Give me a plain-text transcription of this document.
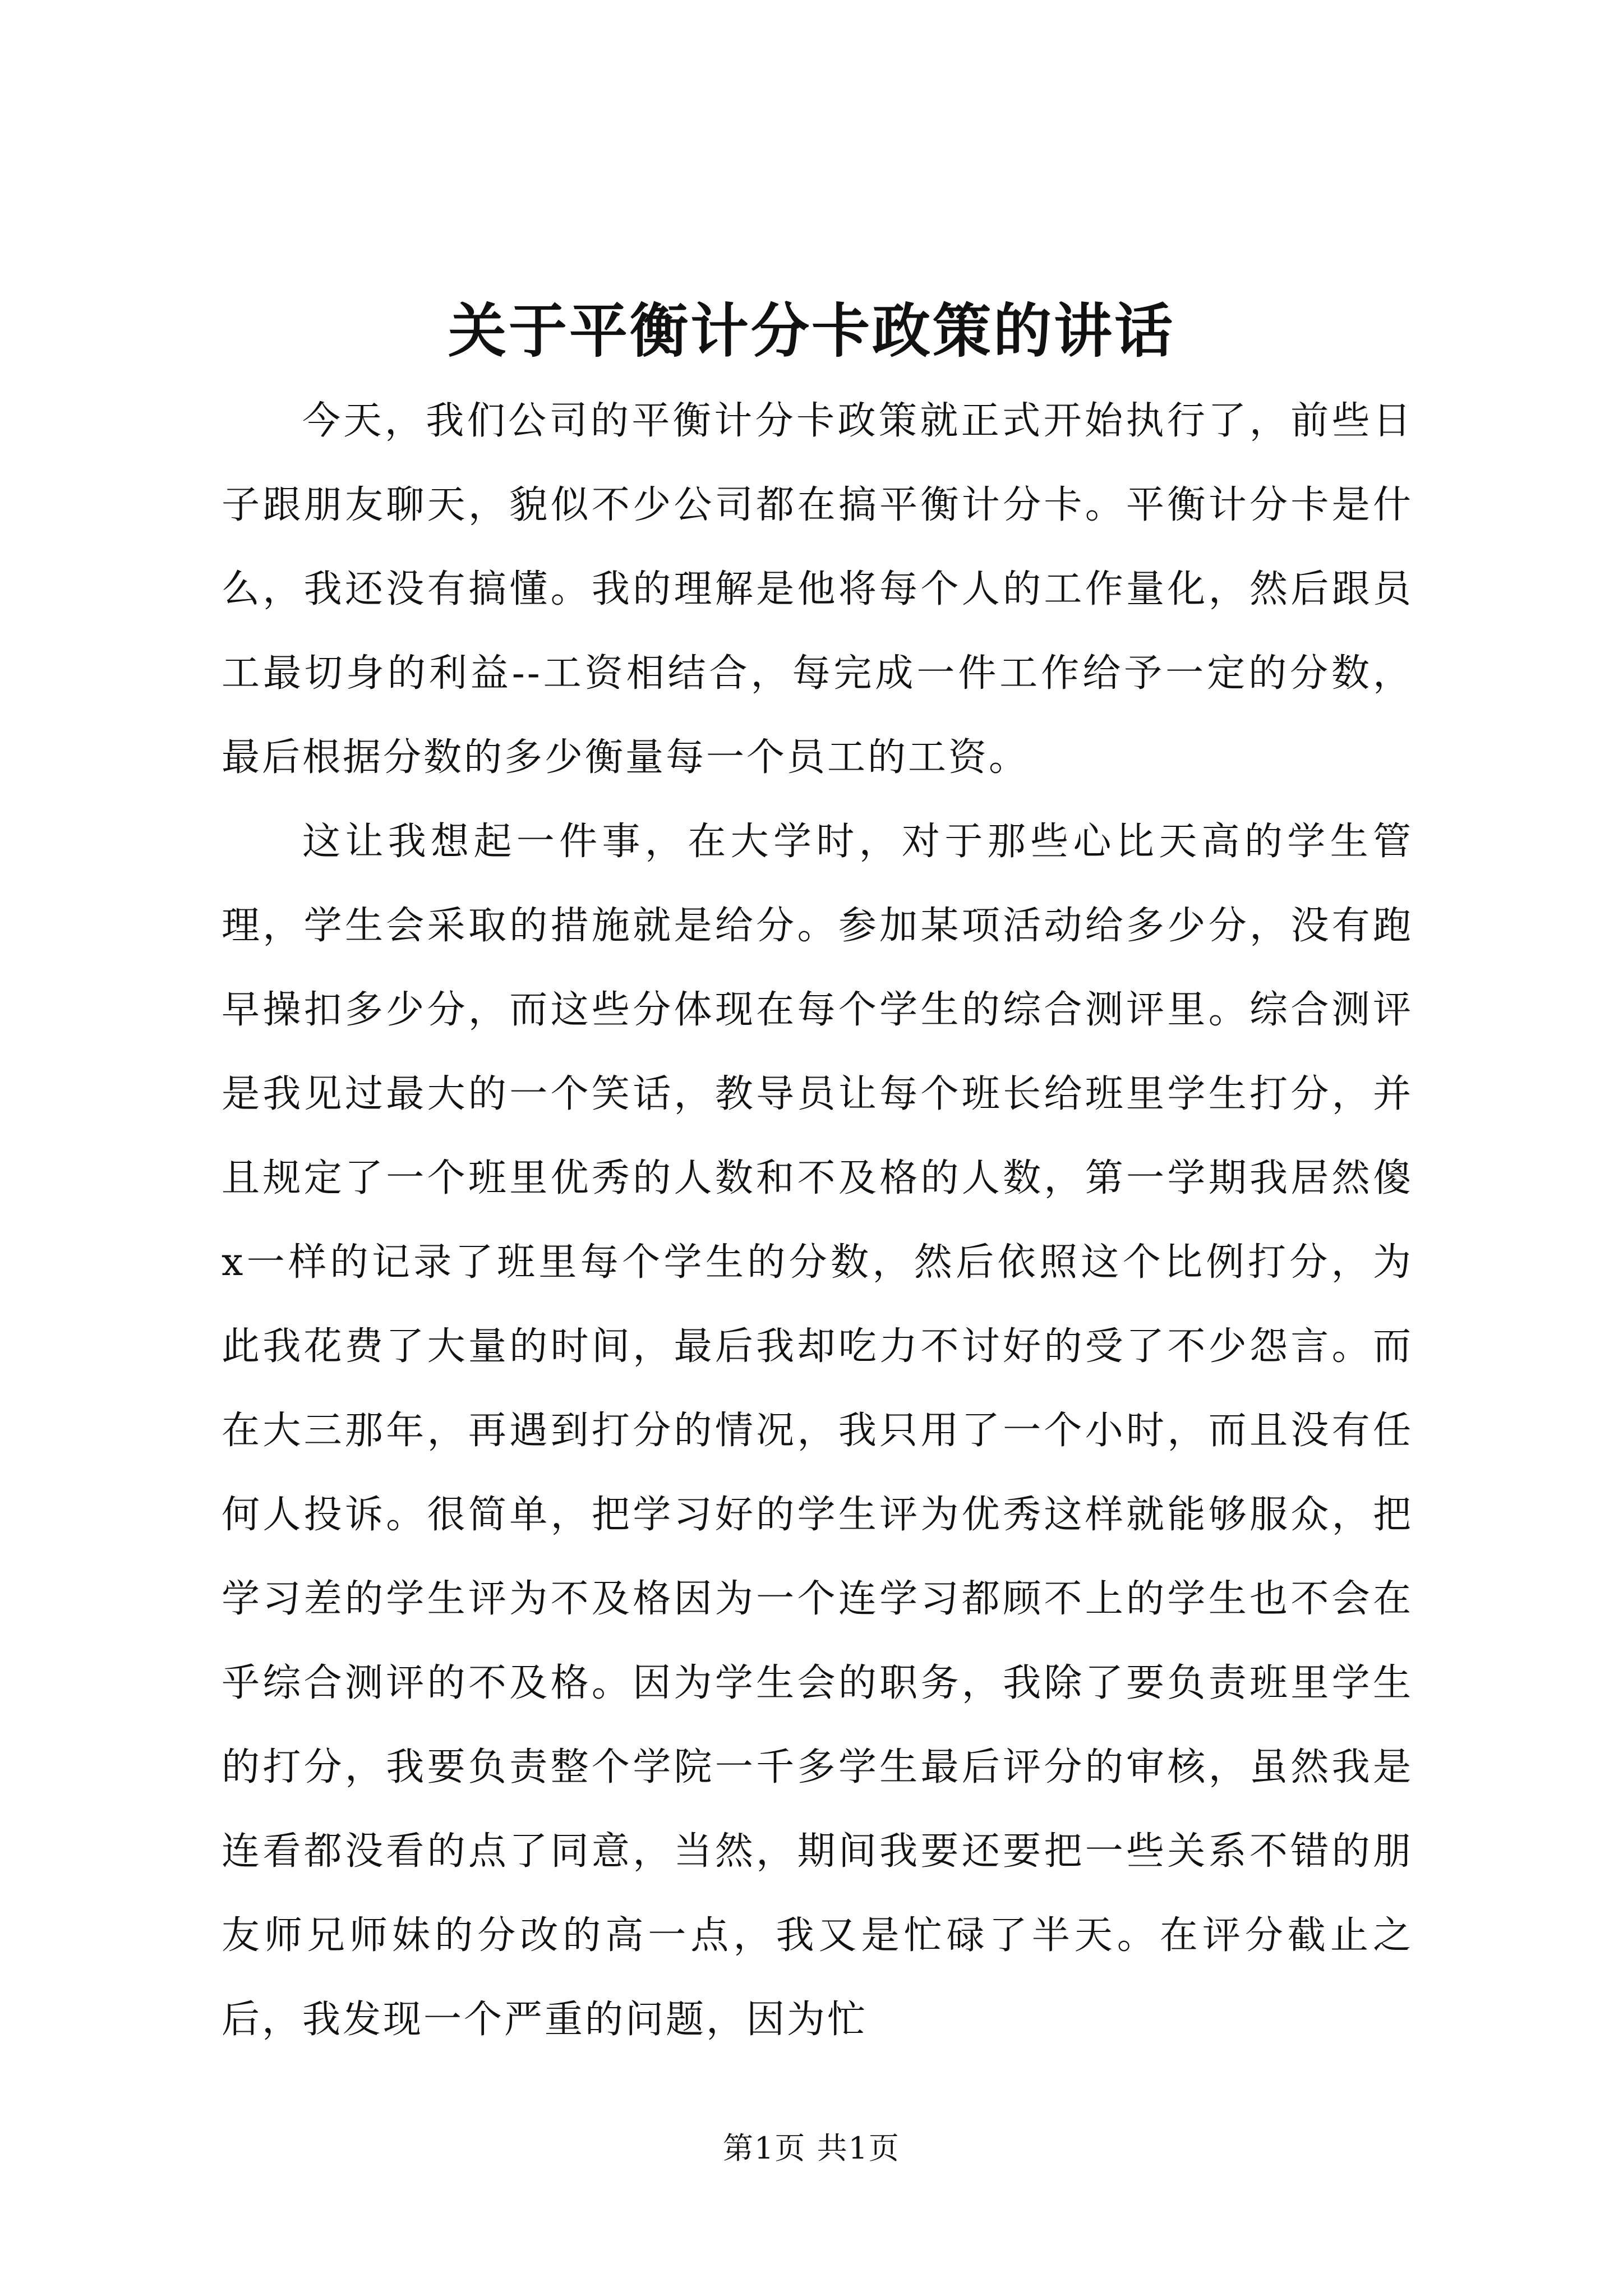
关于平衡计分卡政策的讲话

今天，我们公司的平衡计分卡政策就正式开始执行了，前些日子跟朋友聊天，貌似不少公司都在搞平衡计分卡。平衡计分卡是什么，我还没有搞懂。我的理解是他将每个人的工作量化，然后跟员工最切身的利益--工资相结合，每完成一件工作给予一定的分数，最后根据分数的多少衡量每一个员工的工资。

这让我想起一件事，在大学时，对于那些心比天高的学生管理，学生会采取的措施就是给分。参加某项活动给多少分，没有跑早操扣多少分，而这些分体现在每个学生的综合测评里。综合测评是我见过最大的一个笑话，教导员让每个班长给班里学生打分，并且规定了一个班里优秀的人数和不及格的人数，第一学期我居然傻x一样的记录了班里每个学生的分数，然后依照这个比例打分，为此我花费了大量的时间，最后我却吃力不讨好的受了不少怨言。而在大三那年，再遇到打分的情况，我只用了一个小时，而且没有任何人投诉。很简单，把学习好的学生评为优秀这样就能够服众，把学习差的学生评为不及格因为一个连学习都顾不上的学生也不会在乎综合测评的不及格。因为学生会的职务，我除了要负责班里学生的打分，我要负责整个学院一千多学生最后评分的审核，虽然我是连看都没看的点了同意，当然，期间我要还要把一些关系不错的朋友师兄师妹的分改的高一点，我又是忙碌了半天。在评分截止之后，我发现一个严重的问题，因为忙

第1页 共1页
